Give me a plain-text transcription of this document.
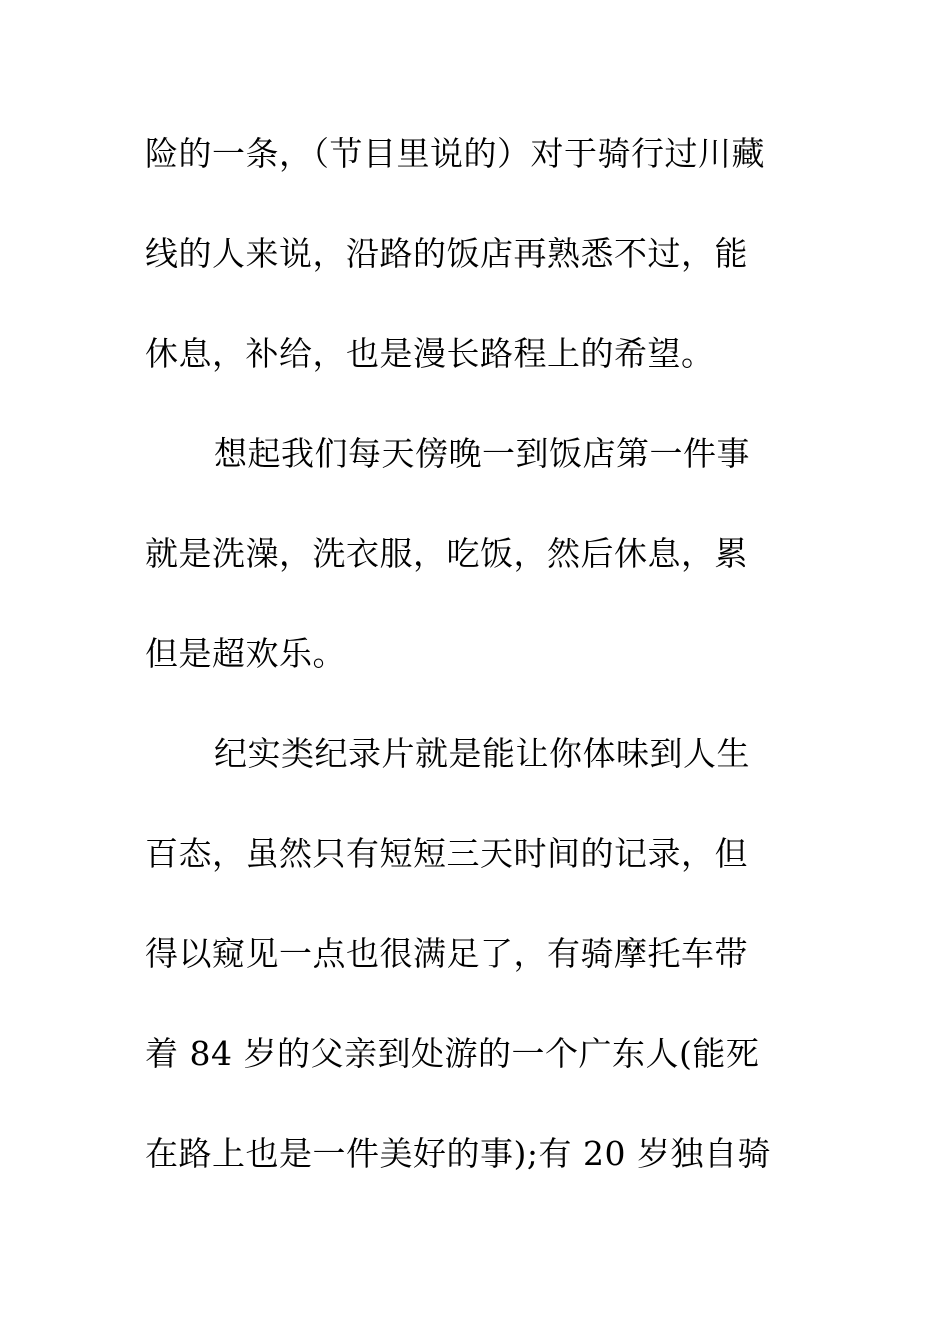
险的一条，（节目里说的）对于骑行过川藏
线的人来说，沿路的饭店再熟悉不过，能
休息，补给，也是漫长路程上的希望。
想起我们每天傍晚一到饭店第一件事
就是洗澡，洗衣服，吃饭，然后休息，累
但是超欢乐。
纪实类纪录片就是能让你体味到人生
百态，虽然只有短短三天时间的记录，但
得以窥见一点也很满足了，有骑摩托车带
着 84 岁的父亲到处游的一个广东人(能死
在路上也是一件美好的事);有 20 岁独自骑
